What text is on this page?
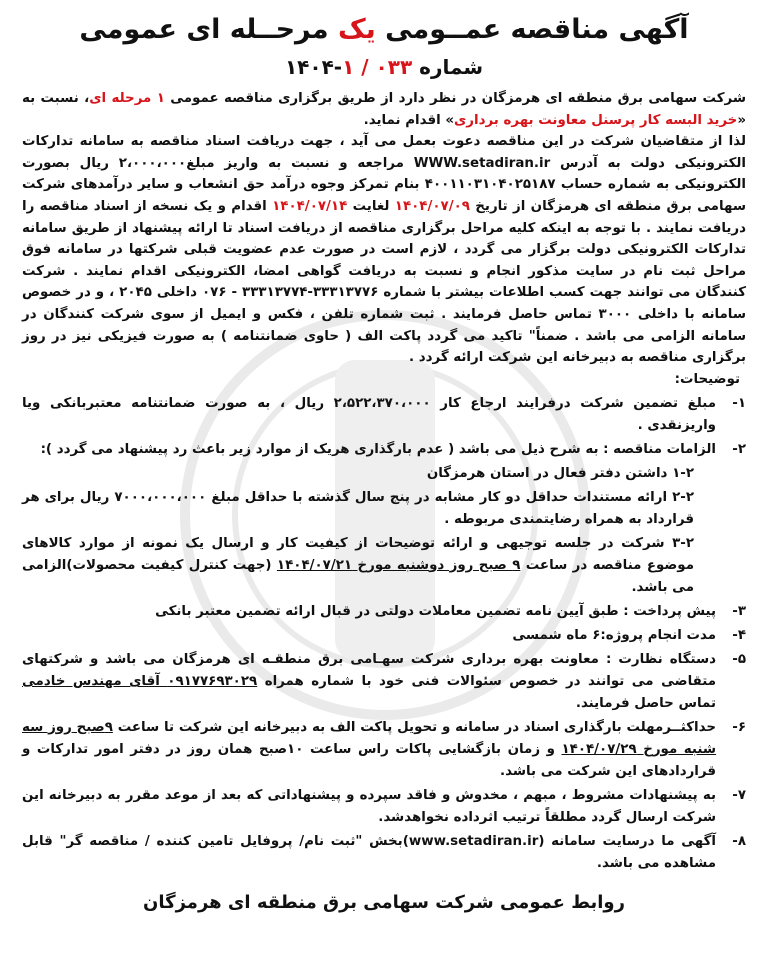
آگهی مناقصه عمــومی یک مرحــله ای عمومی
شماره ۰۳۳ / ۱-۱۴۰۴

شرکت سهامی برق منطقه ای هرمزگان در نظر دارد از طریق برگزاری مناقصه عمومی ۱ مرحله ای، نسبت به «خرید البسه کار پرسنل معاونت بهره برداری» اقدام نماید.

لذا از متقاضیان شرکت در این مناقصه دعوت بعمل می آید ، جهت دریافت اسناد مناقصه به سامانه تدارکات الکترونیکی دولت به آدرس WWW.setadiran.ir مراجعه و نسبت به واریز مبلغ۲،۰۰۰،۰۰۰ ریال بصورت الکترونیکی به شماره حساب ۴۰۰۱۱۰۳۱۰۴۰۲۵۱۸۷ بنام تمرکز وجوه درآمد حق انشعاب و سایر درآمدهای شرکت سهامی برق منطقه ای هرمزگان از تاریخ ۱۴۰۴/۰۷/۰۹ لغایت ۱۴۰۴/۰۷/۱۴ اقدام و یک نسخه از اسناد مناقصه را دریافت نمایند . با توجه به اینکه کلیه مراحل برگزاری مناقصه از دریافت اسناد تا ارائه پیشنهاد از طریق سامانه تدارکات الکترونیکی دولت برگزار می گردد ، لازم است در صورت عدم عضویت قبلی شرکتها در سامانه فوق مراحل ثبت نام در سایت مذکور انجام و نسبت به دریافت گواهی امضا، الکترونیکی اقدام نمایند . شرکت کنندگان می توانند جهت کسب اطلاعات بیشتر با شماره ۳۳۳۱۳۷۷۶-۳۳۳۱۳۷۷۴ - ۰۷۶ داخلی ۲۰۴۵ ، و در خصوص سامانه با داخلی ۳۰۰۰ تماس حاصل فرمایند . ثبت شماره تلفن ، فکس و ایمیل از سوی شرکت کنندگان در سامانه الزامی می باشد . ضمناً" تاکید می گردد پاکت الف ( حاوی ضمانتنامه ) به صورت فیزیکی نیز در روز برگزاری مناقصه به دبیرخانه این شرکت ارائه گردد .

توضیحات:
۱-
مبلغ تضمین شرکت درفرایند ارجاع کار ۲،۵۲۲،۳۷۰،۰۰۰ ریال ، به صورت ضمانتنامه معتبربانکی ویا واریزنقدی .
۲-
الزامات مناقصه : به شرح ذیل می باشد ( عدم بارگذاری هریک از موارد زیر باعث رد پیشنهاد می گردد ):
۱-۲ داشتن دفتر فعال در استان هرمزگان
۲-۲ ارائه مستندات حداقل دو کار مشابه در پنج سال گذشته با حداقل مبلغ ۷۰۰۰،۰۰۰،۰۰۰ ریال برای هر قرارداد به همراه رضایتمندی مربوطه .
۳-۲ شرکت در جلسه توجیهی و ارائه توضیحات از کیفیت کار و ارسال یک نمونه از موارد کالاهای موضوع مناقصه در ساعت ۹ صبح روز دوشنبه مورخ ۱۴۰۴/۰۷/۲۱ (جهت کنترل کیفیت محصولات)الزامی می باشد.
۳-
پیش پرداخت : طبق آیین نامه تضمین معاملات دولتی در قبال ارائه تضمین معتبر بانکی
۴-
مدت انجام پروژه:۶ ماه شمسی
۵-
دستگاه نظارت : معاونت بهره برداری شرکت سهـامی برق منطقـه ای هرمزگان می باشد و شرکتهای متقاضی می توانند در خصوص سئوالات فنی خود با شماره همراه ۰۹۱۷۷۶۹۳۰۲۹ آقای مهندس خادمی تماس حاصل فرمایند.
۶-
حداکثــرمهلت بارگذاری اسناد در سامانه و تحویل پاکت الف به دبیرخانه این شرکت تا ساعت ۹صبح روز سه شنبه مورخ ۱۴۰۴/۰۷/۲۹ و زمان بازگشایی پاکات راس ساعت ۱۰صبح همان روز در دفتر امور تدارکات و قراردادهای این شرکت می باشد.
۷-
به پیشنهادات مشروط ، مبهم ، مخدوش و فاقد سپرده و پیشنهاداتی که بعد از موعد مقرر به دبیرخانه این شرکت ارسال گردد مطلقاً ترتیب اثرداده نخواهدشد.
۸-
آگهی ما درسایت سامانه (www.setadiran.ir)بخش "ثبت نام/ پروفایل تامین کننده / مناقصه گر" قابل مشاهده می باشد.
روابط عمومی شرکت سهامی برق منطقه ای هرمزگان
